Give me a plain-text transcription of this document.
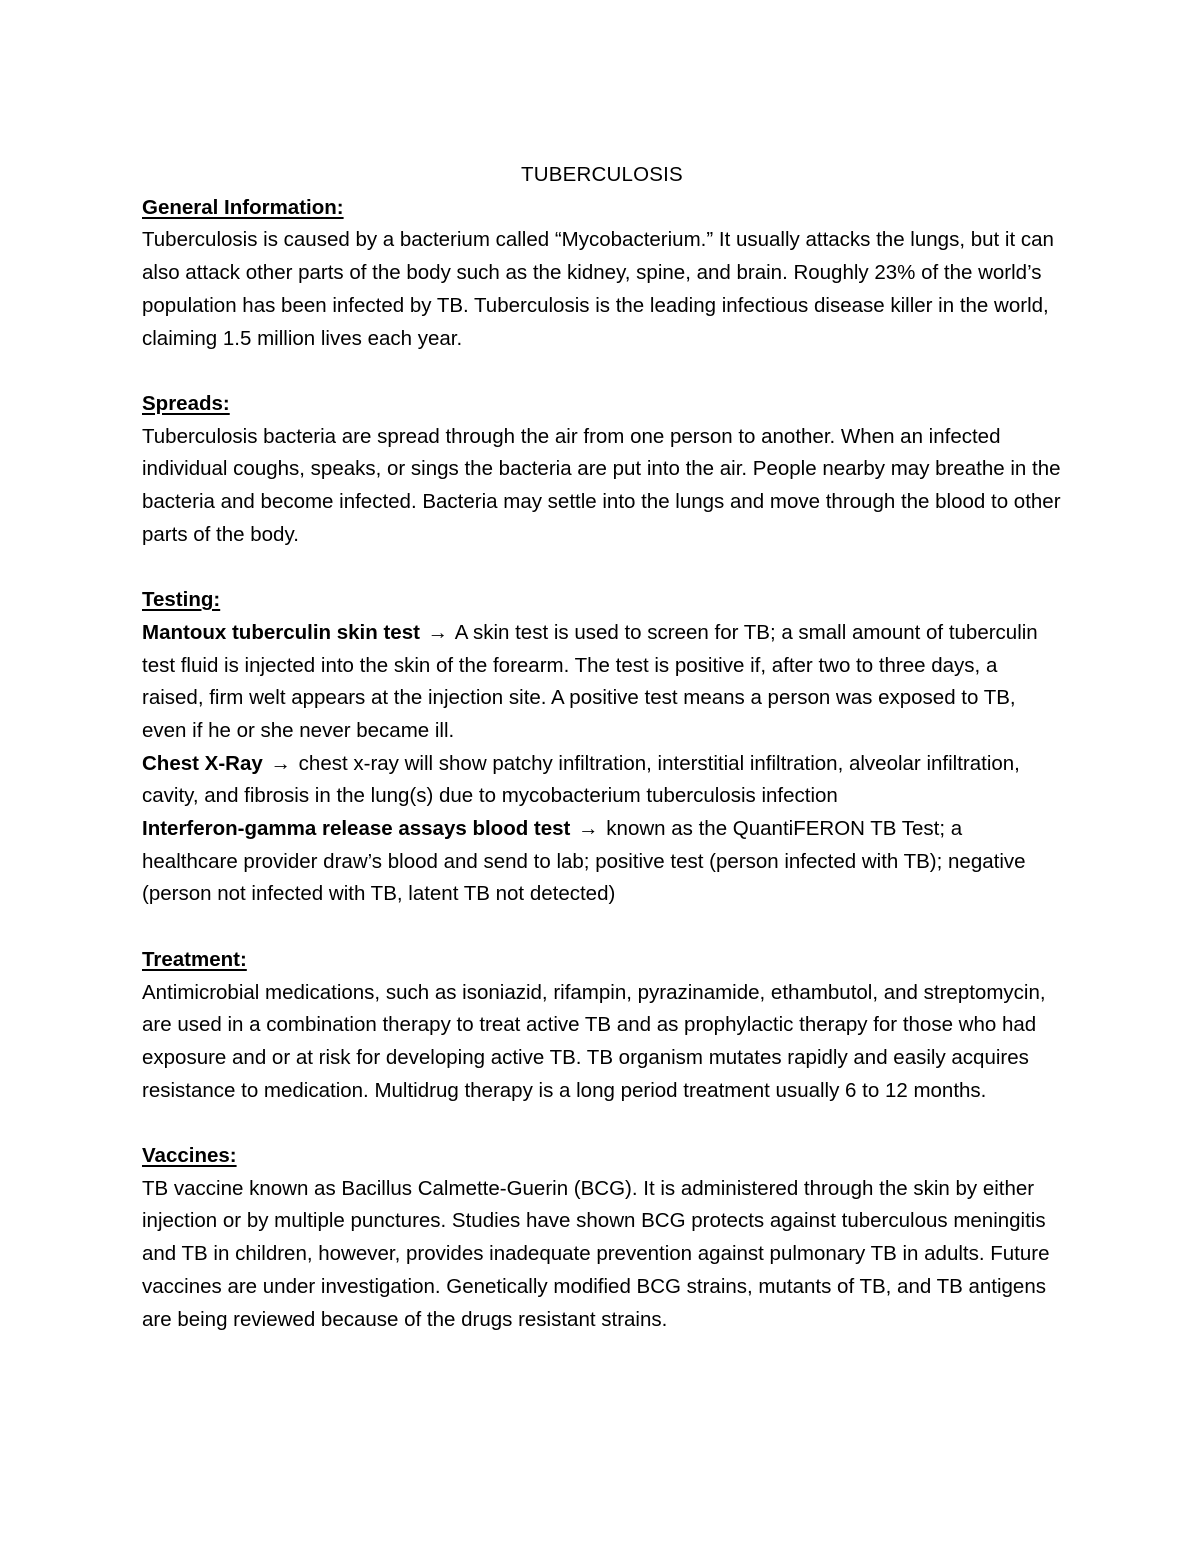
TUBERCULOSIS
General Information:

Tuberculosis is caused by a bacterium called “Mycobacterium.” It usually attacks the lungs, but it can also attack other parts of the body such as the kidney, spine, and brain. Roughly 23% of the world’s population has been infected by TB. Tuberculosis is the leading infectious disease killer in the world, claiming 1.5 million lives each year.

Spreads:

Tuberculosis bacteria are spread through the air from one person to another. When an infected individual coughs, speaks, or sings the bacteria are put into the air. People nearby may breathe in the bacteria and become infected. Bacteria may settle into the lungs and move through the blood to other parts of the body.

Testing:

Mantoux tuberculin skin test → A skin test is used to screen for TB; a small amount of tuberculin test fluid is injected into the skin of the forearm. The test is positive if, after two to three days, a raised, firm welt appears at the injection site. A positive test means a person was exposed to TB, even if he or she never became ill.

Chest X-Ray → chest x-ray will show patchy infiltration, interstitial infiltration, alveolar infiltration, cavity, and fibrosis in the lung(s) due to mycobacterium tuberculosis infection

Interferon-gamma release assays blood test → known as the QuantiFERON TB Test; a healthcare provider draw’s blood and send to lab; positive test (person infected with TB); negative (person not infected with TB, latent TB not detected)

Treatment:

Antimicrobial medications, such as isoniazid, rifampin, pyrazinamide, ethambutol, and streptomycin, are used in a combination therapy to treat active TB and as prophylactic therapy for those who had exposure and or at risk for developing active TB. TB organism mutates rapidly and easily acquires resistance to medication. Multidrug therapy is a long period treatment usually 6 to 12 months.

Vaccines:

TB vaccine known as Bacillus Calmette-Guerin (BCG). It is administered through the skin by either injection or by multiple punctures. Studies have shown BCG protects against tuberculous meningitis and TB in children, however, provides inadequate prevention against pulmonary TB in adults. Future vaccines are under investigation. Genetically modified BCG strains, mutants of TB, and TB antigens are being reviewed because of the drugs resistant strains.
